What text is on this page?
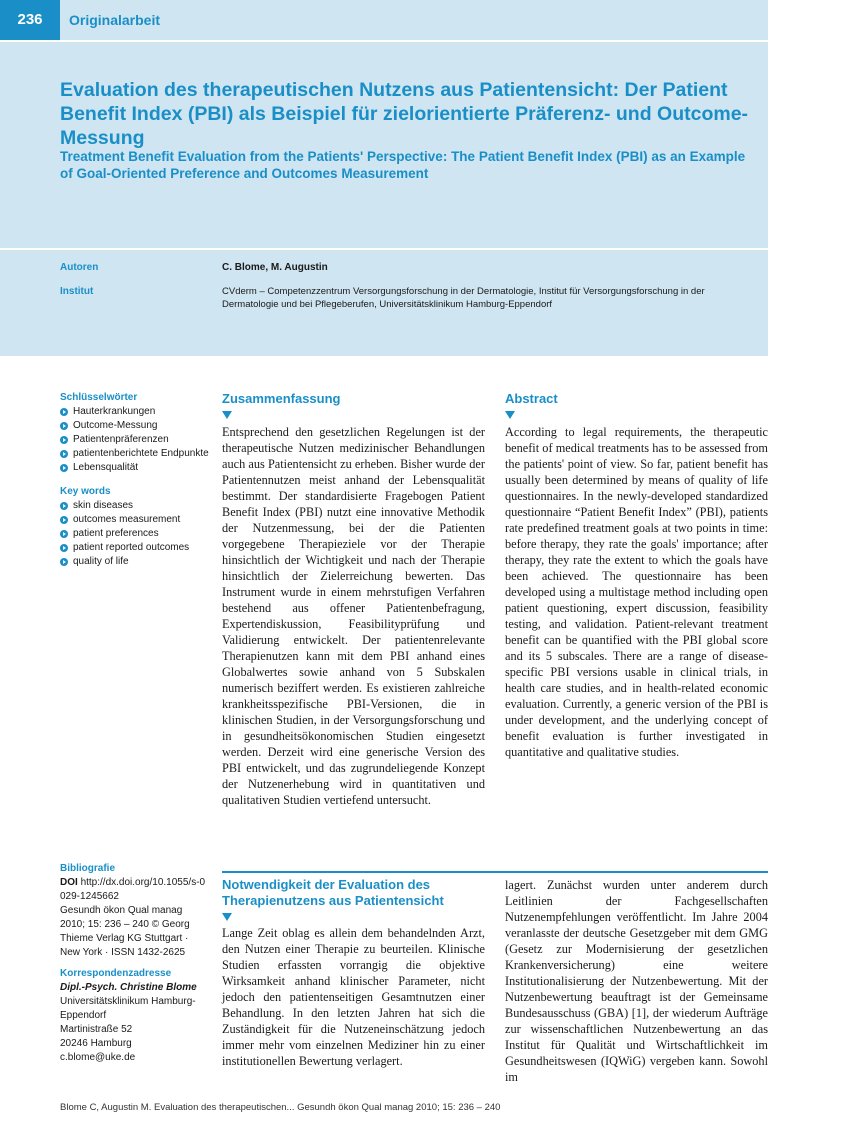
236	Originalarbeit
Evaluation des therapeutischen Nutzens aus Patientensicht: Der Patient Benefit Index (PBI) als Beispiel für zielorientierte Präferenz- und Outcome-Messung
Treatment Benefit Evaluation from the Patients' Perspective: The Patient Benefit Index (PBI) as an Example of Goal-Oriented Preference and Outcomes Measurement
Autoren	C. Blome, M. Augustin
Institut	CVderm – Competenzzentrum Versorgungsforschung in der Dermatologie, Institut für Versorgungsforschung in der Dermatologie und bei Pflegeberufen, Universitätsklinikum Hamburg-Eppendorf
Schlüsselwörter
Hauterkrankungen
Outcome-Messung
Patientenpräferenzen
patientenberichtete Endpunkte
Lebensqualität
Key words
skin diseases
outcomes measurement
patient preferences
patient reported outcomes
quality of life
Zusammenfassung

Entsprechend den gesetzlichen Regelungen ist der therapeutische Nutzen medizinischer Behandlungen auch aus Patientensicht zu erheben. Bisher wurde der Patientennutzen meist anhand der Lebensqualität bestimmt. Der standardisierte Fragebogen Patient Benefit Index (PBI) nutzt eine innovative Methodik der Nutzenmessung, bei der die Patienten vorgegebene Therapieziele vor der Therapie hinsichtlich der Wichtigkeit und nach der Therapie hinsichtlich der Zielerreichung bewerten. Das Instrument wurde in einem mehrstufigen Verfahren bestehend aus offener Patientenbefragung, Expertendiskussion, Feasibilityprüfung und Validierung entwickelt. Der patientenrelevante Therapienutzen kann mit dem PBI anhand eines Globalwertes sowie anhand von 5 Subskalen numerisch beziffert werden. Es existieren zahlreiche krankheitsspezifische PBI-Versionen, die in klinischen Studien, in der Versorgungsforschung und in gesundheitsökonomischen Studien eingesetzt werden. Derzeit wird eine generische Version des PBI entwickelt, und das zugrundeliegende Konzept der Nutzenerhebung wird in quantitativen und qualitativen Studien vertiefend untersucht.

Abstract

According to legal requirements, the therapeutic benefit of medical treatments has to be assessed from the patients' point of view. So far, patient benefit has usually been determined by means of quality of life questionnaires. In the newly-developed standardized questionnaire “Patient Benefit Index” (PBI), patients rate predefined treatment goals at two points in time: before therapy, they rate the goals' importance; after therapy, they rate the extent to which the goals have been achieved. The questionnaire has been developed using a multistage method including open patient questioning, expert discussion, feasibility testing, and validation. Patient-relevant treatment benefit can be quantified with the PBI global score and its 5 subscales. There are a range of disease-specific PBI versions usable in clinical trials, in health care studies, and in health-related economic evaluation. Currently, a generic version of the PBI is under development, and the underlying concept of benefit evaluation is further investigated in quantitative and qualitative studies.

Bibliografie
DOI http://dx.doi.org/10.1055/s-0029-1245662
Gesundh ökon Qual manag 2010; 15: 236 – 240 © Georg Thieme Verlag KG Stuttgart · New York · ISSN 1432-2625
Korrespondenzadresse
Dipl.-Psych. Christine Blome
Universitätsklinikum Hamburg-Eppendorf
Martinistraße 52
20246 Hamburg
c.blome@uke.de
Notwendigkeit der Evaluation des Therapienutzens aus Patientensicht

Lange Zeit oblag es allein dem behandelnden Arzt, den Nutzen einer Therapie zu beurteilen. Klinische Studien erfassten vorrangig die objektive Wirksamkeit anhand klinischer Parameter, nicht jedoch den patientenseitigen Gesamtnutzen einer Behandlung. In den letzten Jahren hat sich die Zuständigkeit für die Nutzeneinschätzung jedoch immer mehr vom einzelnen Mediziner hin zu einer institutionellen Bewertung verlagert.

lagert. Zunächst wurden unter anderem durch Leitlinien der Fachgesellschaften Nutzenempfehlungen veröffentlicht. Im Jahre 2004 veranlasste der deutsche Gesetzgeber mit dem GMG (Gesetz zur Modernisierung der gesetzlichen Krankenversicherung) eine weitere Institutionalisierung der Nutzenbewertung. Mit der Nutzenbewertung beauftragt ist der Gemeinsame Bundesausschuss (GBA) [1], der wiederum Aufträge zur wissenschaftlichen Nutzenbewertung an das Institut für Qualität und Wirtschaftlichkeit im Gesundheitswesen (IQWiG) vergeben kann. Sowohl im

Blome C, Augustin M. Evaluation des therapeutischen... Gesundh ökon Qual manag 2010; 15: 236 – 240
